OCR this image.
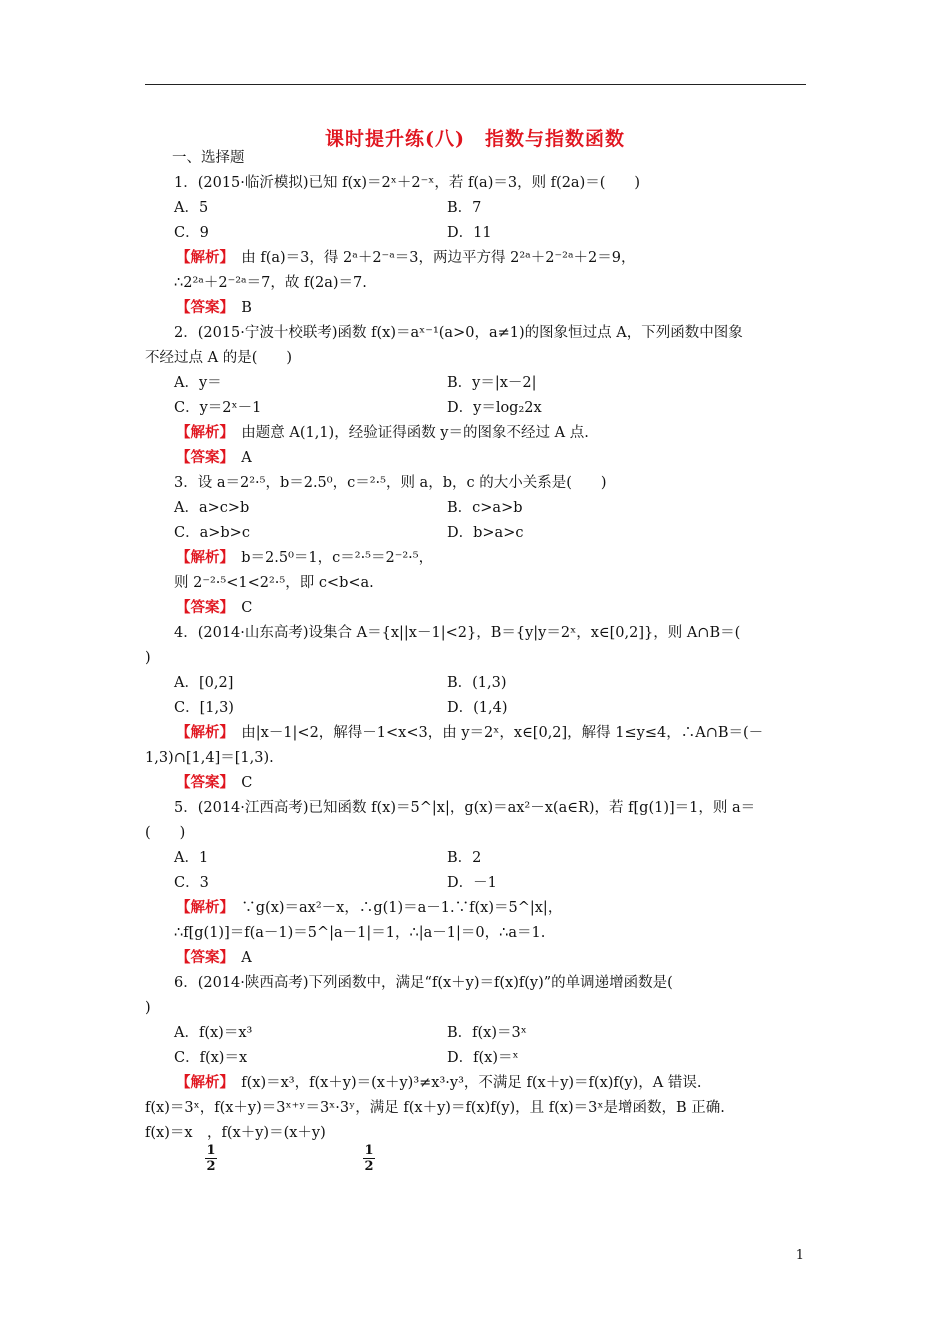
课时提升练(八)　指数与指数函数
一、选择题
1．(2015·临沂模拟)已知 f(x)＝2ˣ＋2⁻ˣ，若 f(a)＝3，则 f(2a)＝(　　)
A．5	B．7
C．9	D．11
【解析】　由 f(a)＝3，得 2ᵃ＋2⁻ᵃ＝3，两边平方得 2²ᵃ＋2⁻²ᵃ＋2＝9，
∴2²ᵃ＋2⁻²ᵃ＝7，故 f(2a)＝7.
【答案】　B
2．(2015·宁波十校联考)函数 f(x)＝aˣ⁻¹(a>0，a≠1)的图象恒过点 A，下列函数中图象
不经过点 A 的是(　　)
A．y＝	B．y＝|x－2|
C．y＝2ˣ－1	D．y＝log₂2x
【解析】　由题意 A(1,1)，经验证得函数 y＝的图象不经过 A 点.
【答案】　A
3．设 a＝2²·⁵，b＝2.5⁰，c＝²·⁵，则 a，b，c 的大小关系是(　　)
A．a>c>b	B．c>a>b
C．a>b>c	D．b>a>c
【解析】　b＝2.5⁰＝1，c＝²·⁵＝2⁻²·⁵，
则 2⁻²·⁵<1<2²·⁵，即 c<b<a.
【答案】　C
4．(2014·山东高考)设集合 A＝{x||x－1|<2}，B＝{y|y＝2ˣ，x∈[0,2]}，则 A∩B＝(
)
A．[0,2]	B．(1,3)
C．[1,3)	D．(1,4)
【解析】　由|x－1|<2，解得－1<x<3，由 y＝2ˣ，x∈[0,2]，解得 1≤y≤4，∴A∩B＝(－
1,3)∩[1,4]＝[1,3).
【答案】　C
5．(2014·江西高考)已知函数 f(x)＝5^|x|，g(x)＝ax²－x(a∈R)，若 f[g(1)]＝1，则 a＝
(　　)
A．1	B．2
C．3	D．－1
【解析】　∵g(x)＝ax²－x，∴g(1)＝a－1.∵f(x)＝5^|x|，
∴f[g(1)]＝f(a－1)＝5^|a－1|＝1，∴|a－1|＝0，∴a＝1.
【答案】　A
6．(2014·陕西高考)下列函数中，满足“f(x＋y)＝f(x)f(y)”的单调递增函数是(
)
A．f(x)＝x³	B．f(x)＝3ˣ
C．f(x)＝x	D．f(x)＝ˣ
【解析】　f(x)＝x³，f(x＋y)＝(x＋y)³≠x³·y³，不满足 f(x＋y)＝f(x)f(y)，A 错误.
f(x)＝3ˣ，f(x＋y)＝3ˣ⁺ʸ＝3ˣ·3ʸ，满足 f(x＋y)＝f(x)f(y)，且 f(x)＝3ˣ是增函数，B 正确.
f(x)＝x　，f(x＋y)＝(x＋y)
1
2
1
2
1
